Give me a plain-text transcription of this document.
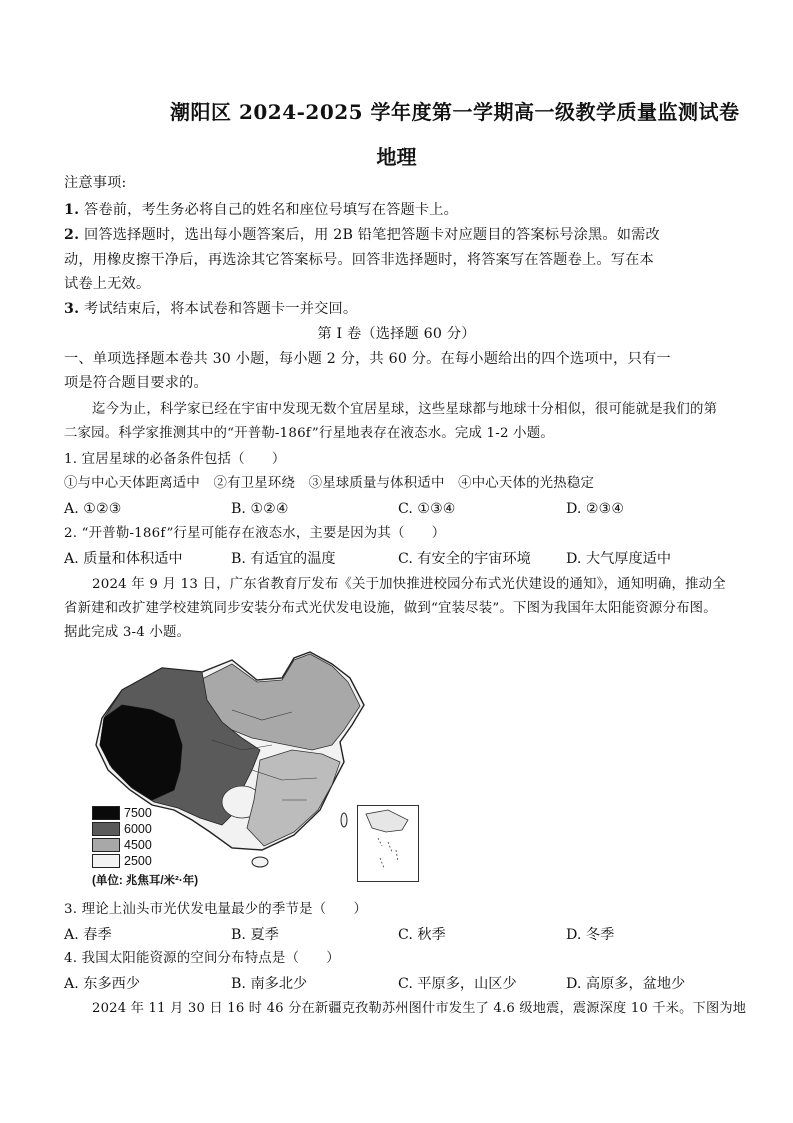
潮阳区 2024-2025 学年度第一学期高一级教学质量监测试卷
地理
注意事项:
1. 答卷前，考生务必将自己的姓名和座位号填写在答题卡上。
2. 回答选择题时，选出每小题答案后，用 2B 铅笔把答题卡对应题目的答案标号涂黑。如需改
动，用橡皮擦干净后，再选涂其它答案标号。回答非选择题时，将答案写在答题卷上。写在本
试卷上无效。
3. 考试结束后，将本试卷和答题卡一并交回。
第 I 卷（选择题 60 分）
一、单项选择题本卷共 30 小题，每小题 2 分，共 60 分。在每小题给出的四个选项中，只有一
项是符合题目要求的。
迄今为止，科学家已经在宇宙中发现无数个宜居星球，这些星球都与地球十分相似，很可能就是我们的第
二家园。科学家推测其中的“开普勒-186f”行星地表存在液态水。完成 1-2 小题。
1. 宜居星球的必备条件包括（　　）
①与中心天体距离适中　②有卫星环绕　③星球质量与体积适中　④中心天体的光热稳定
A. ①②③	B. ①②④	C. ①③④	D. ②③④
2. “开普勒-186f”行星可能存在液态水，主要是因为其（　　）
A. 质量和体积适中	B. 有适宜的温度	C. 有安全的宇宙环境 D. 大气厚度适中
2024 年 9 月 13 日，广东省教育厅发布《关于加快推进校园分布式光伏建设的通知》，通知明确，推动全
省新建和改扩建学校建筑同步安装分布式光伏发电设施，做到“宜装尽装”。下图为我国年太阳能资源分布图。
据此完成 3-4 小题。
7500
6000
4500
2500
(单位: 兆焦耳/米²·年)
3. 理论上汕头市光伏发电量最少的季节是（　　）
A. 春季	B. 夏季	C. 秋季	D. 冬季
4. 我国太阳能资源的空间分布特点是（　　）
A. 东多西少	B. 南多北少	C. 平原多，山区少	D. 高原多，盆地少
2024 年 11 月 30 日 16 时 46 分在新疆克孜勒苏州图什市发生了 4.6 级地震，震源深度 10 千米。下图为地
